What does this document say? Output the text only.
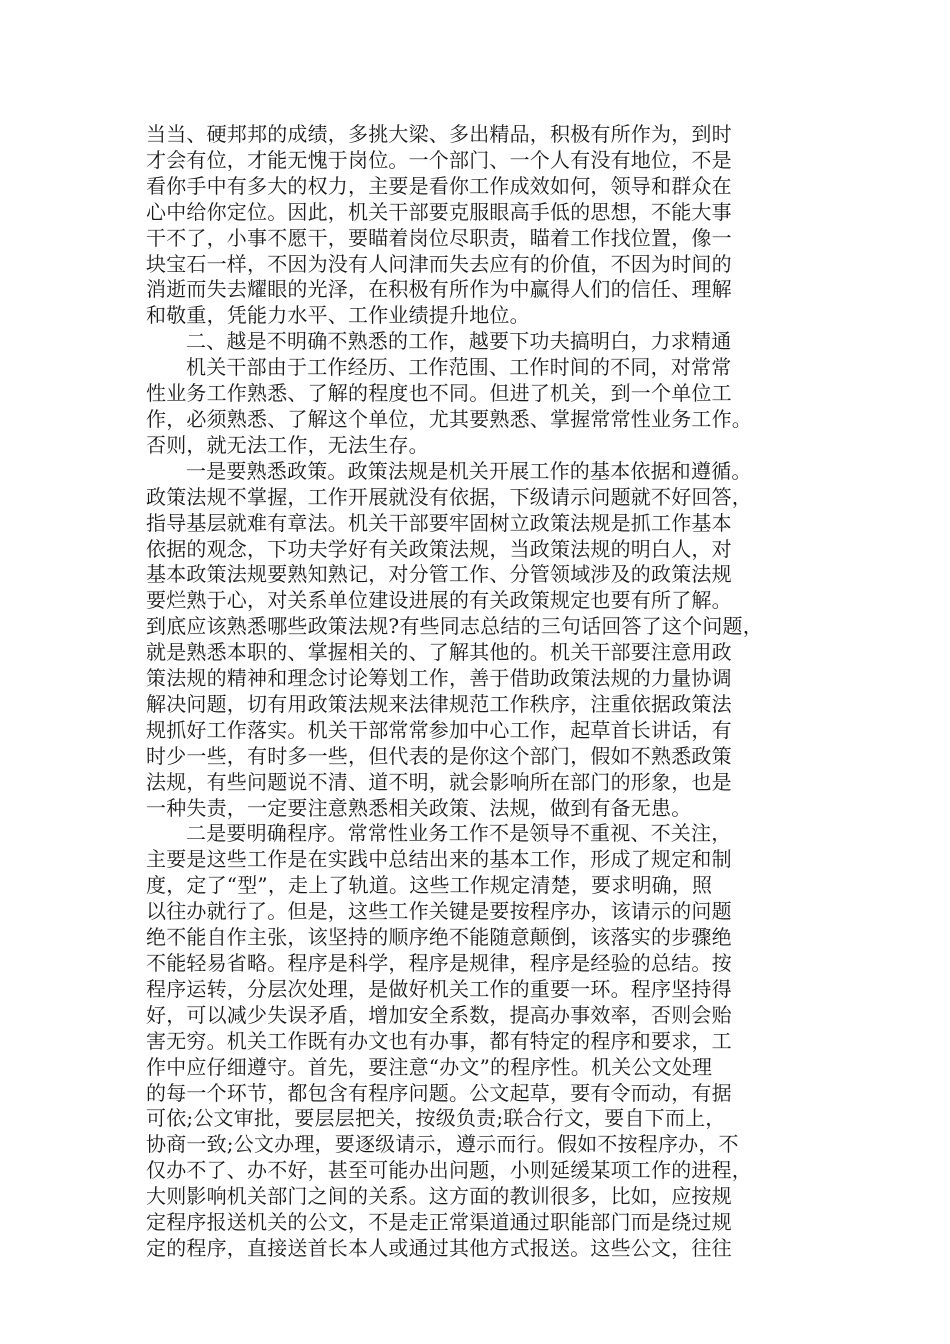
当当、硬邦邦的成绩，多挑大梁、多出精品，积极有所作为，到时
才会有位，才能无愧于岗位。一个部门、一个人有没有地位，不是
看你手中有多大的权力，主要是看你工作成效如何，领导和群众在
心中给你定位。因此，机关干部要克服眼高手低的思想，不能大事
干不了，小事不愿干，要瞄着岗位尽职责，瞄着工作找位置，像一
块宝石一样，不因为没有人问津而失去应有的价值，不因为时间的
消逝而失去耀眼的光泽，在积极有所作为中赢得人们的信任、理解
和敬重，凭能力水平、工作业绩提升地位。
二、越是不明确不熟悉的工作，越要下功夫搞明白，力求精通
机关干部由于工作经历、工作范围、工作时间的不同，对常常
性业务工作熟悉、了解的程度也不同。但进了机关，到一个单位工
作，必须熟悉、了解这个单位，尤其要熟悉、掌握常常性业务工作。
否则，就无法工作，无法生存。
一是要熟悉政策。政策法规是机关开展工作的基本依据和遵循。
政策法规不掌握，工作开展就没有依据，下级请示问题就不好回答，
指导基层就难有章法。机关干部要牢固树立政策法规是抓工作基本
依据的观念，下功夫学好有关政策法规，当政策法规的明白人，对
基本政策法规要熟知熟记，对分管工作、分管领域涉及的政策法规
要烂熟于心，对关系单位建设进展的有关政策规定也要有所了解。
到底应该熟悉哪些政策法规?有些同志总结的三句话回答了这个问题，
就是熟悉本职的、掌握相关的、了解其他的。机关干部要注意用政
策法规的精神和理念讨论筹划工作，善于借助政策法规的力量协调
解决问题，切有用政策法规来法律规范工作秩序，注重依据政策法
规抓好工作落实。机关干部常常参加中心工作，起草首长讲话，有
时少一些，有时多一些，但代表的是你这个部门，假如不熟悉政策
法规，有些问题说不清、道不明，就会影响所在部门的形象，也是
一种失责，一定要注意熟悉相关政策、法规，做到有备无患。
二是要明确程序。常常性业务工作不是领导不重视、不关注，
主要是这些工作是在实践中总结出来的基本工作，形成了规定和制
度，定了“型”，走上了轨道。这些工作规定清楚，要求明确，照
以往办就行了。但是，这些工作关键是要按程序办，该请示的问题
绝不能自作主张，该坚持的顺序绝不能随意颠倒，该落实的步骤绝
不能轻易省略。程序是科学，程序是规律，程序是经验的总结。按
程序运转，分层次处理，是做好机关工作的重要一环。程序坚持得
好，可以减少失误矛盾，增加安全系数，提高办事效率，否则会贻
害无穷。机关工作既有办文也有办事，都有特定的程序和要求，工
作中应仔细遵守。首先，要注意“办文”的程序性。机关公文处理
的每一个环节，都包含有程序问题。公文起草，要有令而动，有据
可依;公文审批，要层层把关，按级负责;联合行文，要自下而上，
协商一致;公文办理，要逐级请示，遵示而行。假如不按程序办，不
仅办不了、办不好，甚至可能办出问题，小则延缓某项工作的进程，
大则影响机关部门之间的关系。这方面的教训很多，比如，应按规
定程序报送机关的公文，不是走正常渠道通过职能部门而是绕过规
定的程序，直接送首长本人或通过其他方式报送。这些公文，往往
